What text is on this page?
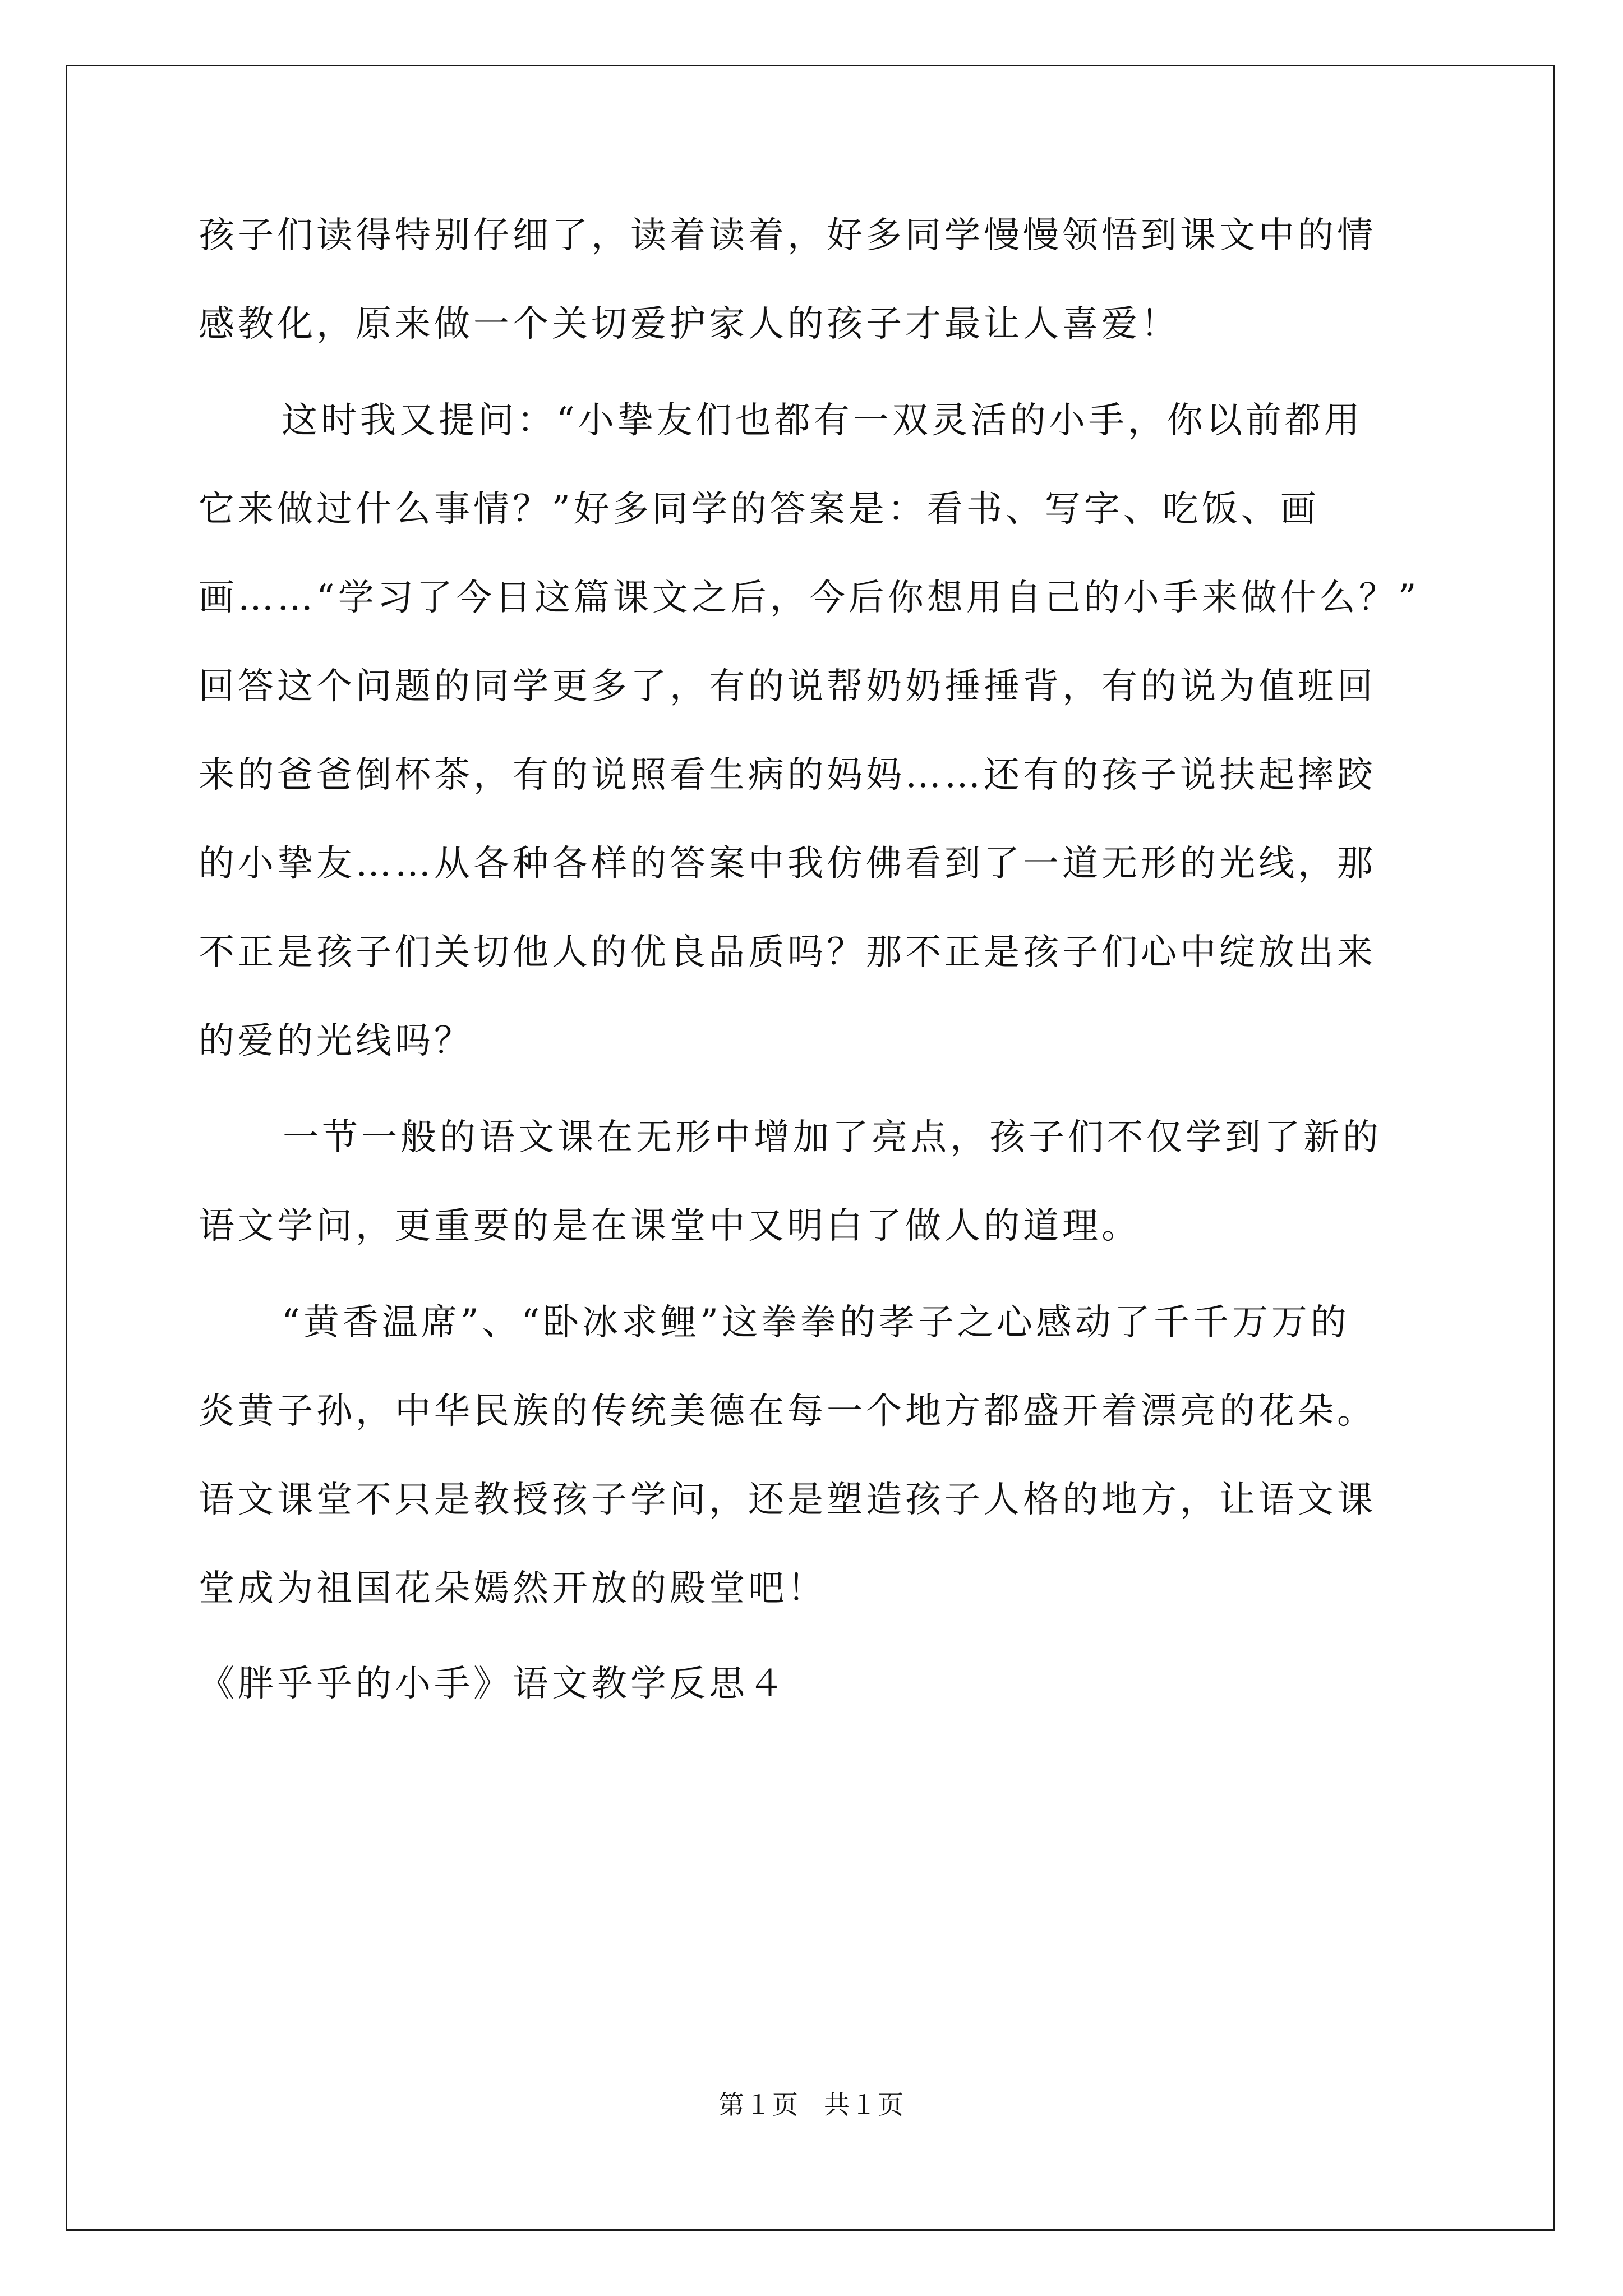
孩子们读得特别仔细了，读着读着，好多同学慢慢领悟到课文中的情
感教化，原来做一个关切爱护家人的孩子才最让人喜爱！
这时我又提问：“小挚友们也都有一双灵活的小手，你以前都用
它来做过什么事情？”好多同学的答案是：看书、写字、吃饭、画
画……“学习了今日这篇课文之后，今后你想用自己的小手来做什么？”
回答这个问题的同学更多了，有的说帮奶奶捶捶背，有的说为值班回
来的爸爸倒杯茶，有的说照看生病的妈妈……还有的孩子说扶起摔跤
的小挚友……从各种各样的答案中我仿佛看到了一道无形的光线，那
不正是孩子们关切他人的优良品质吗？那不正是孩子们心中绽放出来
的爱的光线吗？
一节一般的语文课在无形中增加了亮点，孩子们不仅学到了新的
语文学问，更重要的是在课堂中又明白了做人的道理。
“黄香温席”、“卧冰求鲤”这拳拳的孝子之心感动了千千万万的
炎黄子孙，中华民族的传统美德在每一个地方都盛开着漂亮的花朵。
语文课堂不只是教授孩子学问，还是塑造孩子人格的地方，让语文课
堂成为祖国花朵嫣然开放的殿堂吧！
《胖乎乎的小手》语文教学反思４
第１页 共１页
